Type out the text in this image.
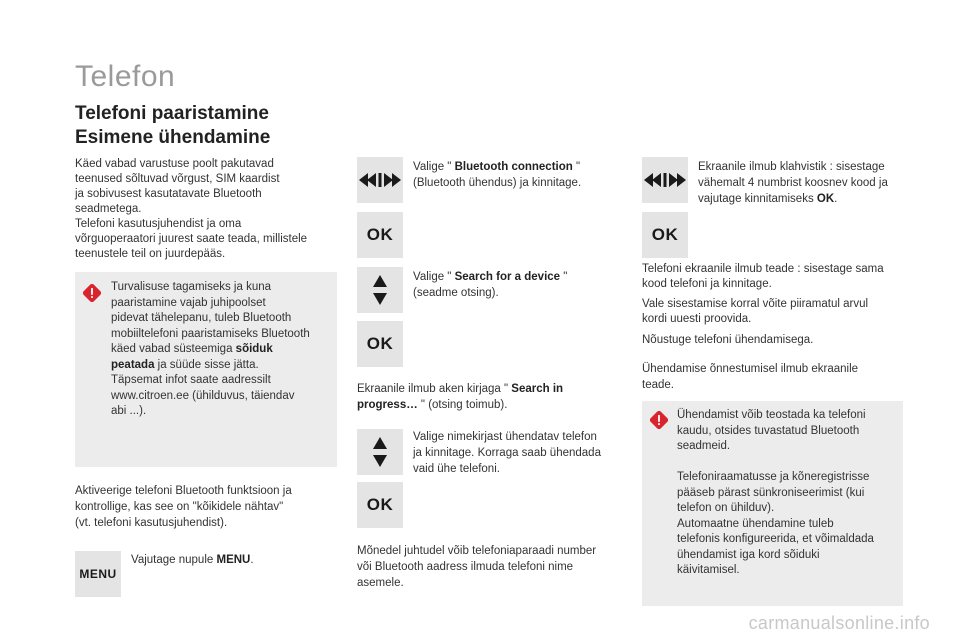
Telefon
Telefoni paaristamine
Esimene ühendamine
Käed vabad varustuse poolt pakutavad
teenused sõltuvad võrgust, SIM kaardist
ja sobivusest kasutatavate Bluetooth
seadmetega.
Telefoni kasutusjuhendist ja oma
võrguoperaatori juurest saate teada, millistele
teenustele teil on juurdepääs.
Turvalisuse tagamiseks ja kuna
paaristamine vajab juhipoolset
pidevat tähelepanu, tuleb Bluetooth
mobiiltelefoni paaristamiseks Bluetooth
käed vabad süsteemiga sõiduk
peatada ja süüde sisse jätta.
Täpsemat infot saate aadressilt
www.citroen.ee (ühilduvus, täiendav
abi ...).
Aktiveerige telefoni Bluetooth funktsioon ja
kontrollige, kas see on "kõikidele nähtav"
(vt. telefoni kasutusjuhendist).
MENU
Vajutage nupule MENU.
Valige " Bluetooth connection "
(Bluetooth ühendus) ja kinnitage.
OK
Valige " Search for a device "
(seadme otsing).
OK
Ekraanile ilmub aken kirjaga " Search in
progress… " (otsing toimub).
Valige nimekirjast ühendatav telefon
ja kinnitage. Korraga saab ühendada
vaid ühe telefoni.
OK
Mõnedel juhtudel võib telefoniaparaadi number
või Bluetooth aadress ilmuda telefoni nime
asemele.
Ekraanile ilmub klahvistik : sisestage
vähemalt 4 numbrist koosnev kood ja
vajutage kinnitamiseks OK.
OK
Telefoni ekraanile ilmub teade : sisestage sama
kood telefoni ja kinnitage.
Vale sisestamise korral võite piiramatul arvul
kordi uuesti proovida.
Nõustuge telefoni ühendamisega.
Ühendamise õnnestumisel ilmub ekraanile
teade.
Ühendamist võib teostada ka telefoni
kaudu, otsides tuvastatud Bluetooth
seadmeid.
Telefoniraamatusse ja kõneregistrisse
pääseb pärast sünkroniseerimist (kui
telefon on ühilduv).
Automaatne ühendamine tuleb
telefonis konfigureerida, et võimaldada
ühendamist iga kord sõiduki
käivitamisel.
carmanualsonline.info
